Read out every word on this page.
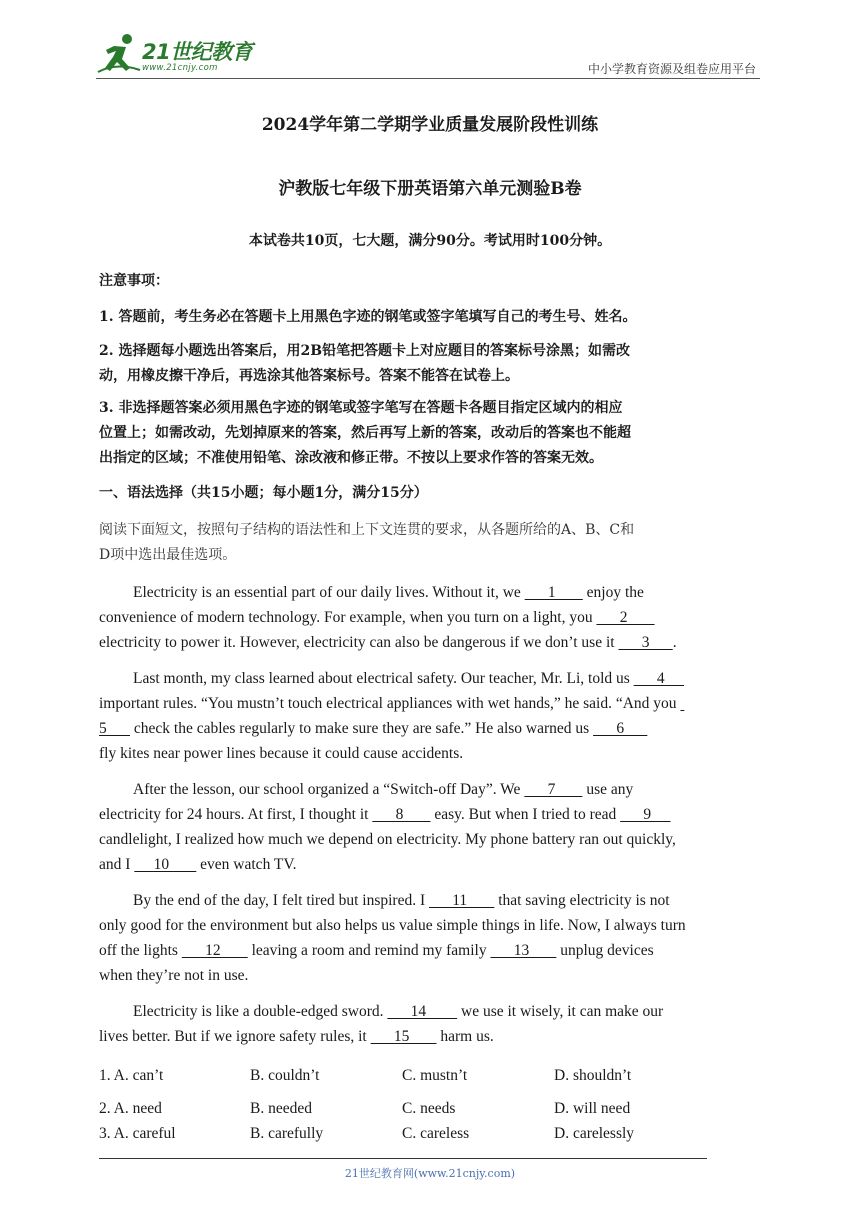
21世纪教育
www.21cnjy.com	中小学教育资源及组卷应用平台
2024学年第二学期学业质量发展阶段性训练
沪教版七年级下册英语第六单元测验B卷
本试卷共10页，七大题，满分90分。考试用时100分钟。
注意事项：
1. 答题前，考生务必在答题卡上用黑色字迹的钢笔或签字笔填写自己的考生号、姓名。
2. 选择题每小题选出答案后，用2B铅笔把答题卡上对应题目的答案标号涂黑；如需改
动，用橡皮擦干净后，再选涂其他答案标号。答案不能答在试卷上。
3. 非选择题答案必须用黑色字迹的钢笔或签字笔写在答题卡各题目指定区域内的相应
位置上；如需改动，先划掉原来的答案，然后再写上新的答案，改动后的答案也不能超
出指定的区域；不准使用铅笔、涂改液和修正带。不按以上要求作答的答案无效。
一、语法选择（共15小题；每小题1分，满分15分）
阅读下面短文，按照句子结构的语法性和上下文连贯的要求，从各题所给的A、B、C和
D项中选出最佳选项。
Electricity is an essential part of our daily lives. Without it, we       1        enjoy the
convenience of modern technology. For example, when you turn on a light, you       2
electricity to power it. However, electricity can also be dangerous if we don’t use it       3      .
Last month, my class learned about electrical safety. Our teacher, Mr. Li, told us       4
important rules. “You mustn’t touch electrical appliances with wet hands,” he said. “And you
5       check the cables regularly to make sure they are safe.” He also warned us       6
fly kites near power lines because it could cause accidents.
After the lesson, our school organized a “Switch-off Day”. We       7        use any
electricity for 24 hours. At first, I thought it       8        easy. But when I tried to read       9
candlelight, I realized how much we depend on electricity. My phone battery ran out quickly,
and I      10        even watch TV.
By the end of the day, I felt tired but inspired. I       11        that saving electricity is not
only good for the environment but also helps us value simple things in life. Now, I always turn
off the lights       12        leaving a room and remind my family       13        unplug devices
when they’re not in use.
Electricity is like a double-edged sword.       14         we use it wisely, it can make our
lives better. But if we ignore safety rules, it       15        harm us.
1. A. can’t	B. couldn’t	C. mustn’t	D. shouldn’t
2. A. need	B. needed	C. needs	D. will need
3. A. careful	B. carefully	C. careless	D. carelessly
21世纪教育网(www.21cnjy.com)
